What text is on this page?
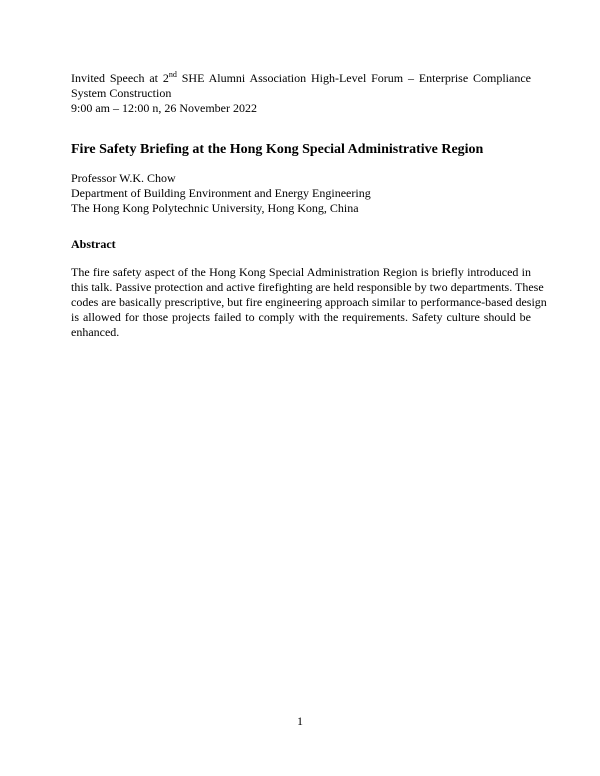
Invited Speech at 2nd SHE Alumni Association High-Level Forum – Enterprise Compliance
System Construction
9:00 am – 12:00 n, 26 November 2022
Fire Safety Briefing at the Hong Kong Special Administrative Region
Professor W.K. Chow
Department of Building Environment and Energy Engineering
The Hong Kong Polytechnic University, Hong Kong, China
Abstract
The fire safety aspect of the Hong Kong Special Administration Region is briefly introduced in
this talk. Passive protection and active firefighting are held responsible by two departments. These
codes are basically prescriptive, but fire engineering approach similar to performance-based design
is allowed for those projects failed to comply with the requirements. Safety culture should be
enhanced.
1
